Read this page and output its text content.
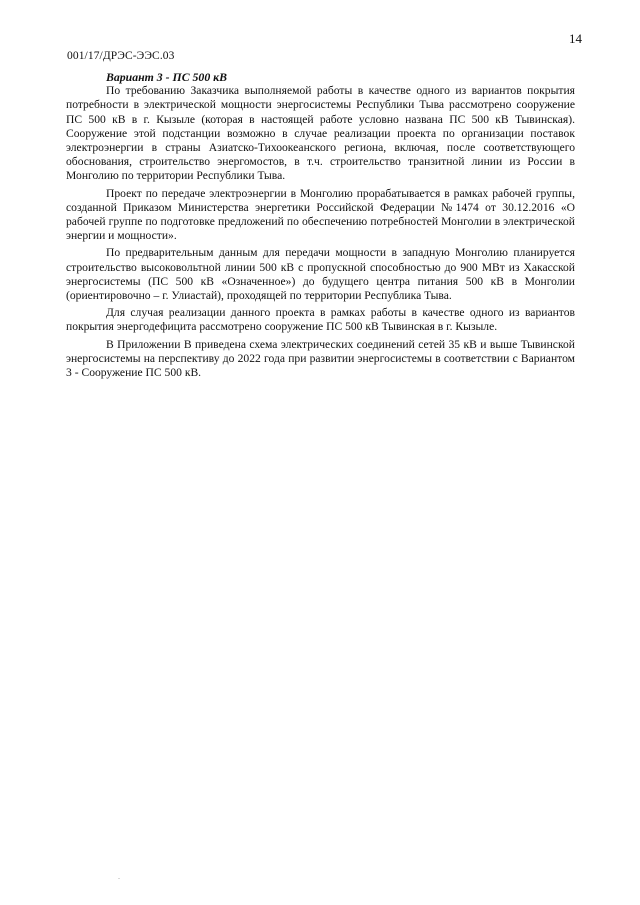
14
001/17/ДРЭС-ЭЭС.03

Вариант 3 - ПС 500 кВ

По требованию Заказчика выполняемой работы в качестве одного из вариантов покрытия потребности в электрической мощности энергосистемы Республики Тыва рассмотрено сооружение ПС 500 кВ в г. Кызыле (которая в настоящей работе условно названа ПС 500 кВ Тывинская). Сооружение этой подстанции возможно в случае реализации проекта по организации поставок электроэнергии в страны Азиатско-Тихоокеанского региона, включая, после соответствующего обоснования, строительство энергомостов, в т.ч. строительство транзитной линии из России в Монголию по территории Республики Тыва.

Проект по передаче электроэнергии в Монголию прорабатывается в рамках рабочей группы, созданной Приказом Министерства энергетики Российской Федерации №1474 от 30.12.2016 «О рабочей группе по подготовке предложений по обеспечению потребностей Монголии в электрической энергии и мощности».

По предварительным данным для передачи мощности в западную Монголию планируется строительство высоковольтной линии 500 кВ с пропускной способностью до 900 МВт из Хакасской энергосистемы (ПС 500 кВ «Означенное») до будущего центра питания 500 кВ в Монголии (ориентировочно – г. Улиастай), проходящей по территории Республика Тыва.

Для случая реализации данного проекта в рамках работы в качестве одного из вариантов покрытия энергодефицита рассмотрено сооружение ПС 500 кВ Тывинская в г. Кызыле.

В Приложении В приведена схема электрических соединений сетей 35 кВ и выше Тывинской энергосистемы на перспективу до 2022 года при развитии энергосистемы в соответствии с Вариантом 3 - Сооружение ПС 500 кВ.

-
